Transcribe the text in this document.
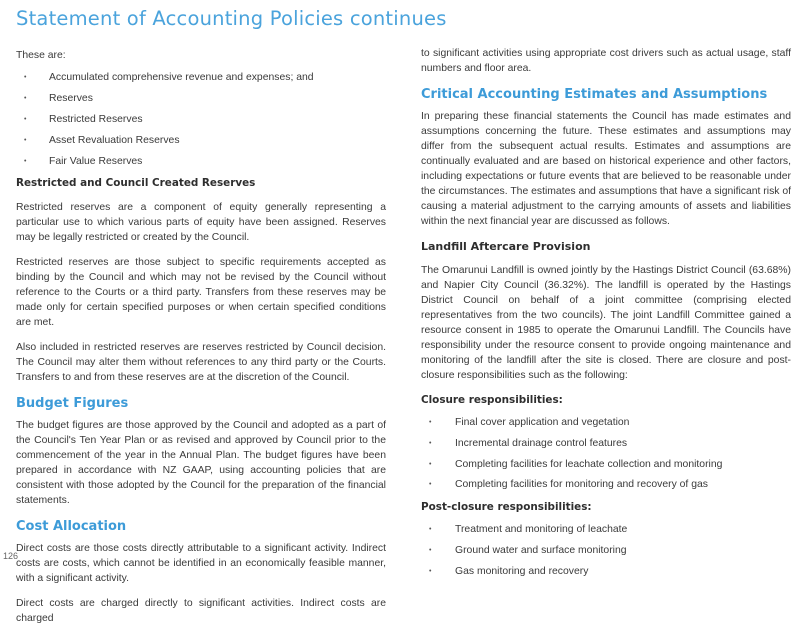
Statement of Accounting Policies continues

These are:

• Accumulated comprehensive revenue and expenses; and
• Reserves
• Restricted Reserves
• Asset Revaluation Reserves
• Fair Value Reserves
Restricted and Council Created Reserves

Restricted reserves are a component of equity generally representing a particular use to which various parts of equity have been assigned. Reserves may be legally restricted or created by the Council.

Restricted reserves are those subject to specific requirements accepted as binding by the Council and which may not be revised by the Council without reference to the Courts or a third party. Transfers from these reserves may be made only for certain specified purposes or when certain specified conditions are met.

Also included in restricted reserves are reserves restricted by Council decision. The Council may alter them without references to any third party or the Courts. Transfers to and from these reserves are at the discretion of the Council.

Budget Figures

The budget figures are those approved by the Council and adopted as a part of the Council's Ten Year Plan or as revised and approved by Council prior to the commencement of the year in the Annual Plan. The budget figures have been prepared in accordance with NZ GAAP, using accounting policies that are consistent with those adopted by the Council for the preparation of the financial statements.

Cost Allocation

Direct costs are those costs directly attributable to a significant activity. Indirect costs are costs, which cannot be identified in an economically feasible manner, with a significant activity.

Direct costs are charged directly to significant activities. Indirect costs are charged

to significant activities using appropriate cost drivers such as actual usage, staff numbers and floor area.

Critical Accounting Estimates and Assumptions

In preparing these financial statements the Council has made estimates and assumptions concerning the future. These estimates and assumptions may differ from the subsequent actual results. Estimates and assumptions are continually evaluated and are based on historical experience and other factors, including expectations or future events that are believed to be reasonable under the circumstances. The estimates and assumptions that have a significant risk of causing a material adjustment to the carrying amounts of assets and liabilities within the next financial year are discussed as follows.

Landfill Aftercare Provision

The Omarunui Landfill is owned jointly by the Hastings District Council (63.68%) and Napier City Council (36.32%). The landfill is operated by the Hastings District Council on behalf of a joint committee (comprising elected representatives from the two councils). The joint Landfill Committee gained a resource consent in 1985 to operate the Omarunui Landfill. The Councils have responsibility under the resource consent to provide ongoing maintenance and monitoring of the landfill after the site is closed. There are closure and post-closure responsibilities such as the following:

Closure responsibilities:
• Final cover application and vegetation
• Incremental drainage control features
• Completing facilities for leachate collection and monitoring
• Completing facilities for monitoring and recovery of gas
Post-closure responsibilities:
• Treatment and monitoring of leachate
• Ground water and surface monitoring
• Gas monitoring and recovery
126
